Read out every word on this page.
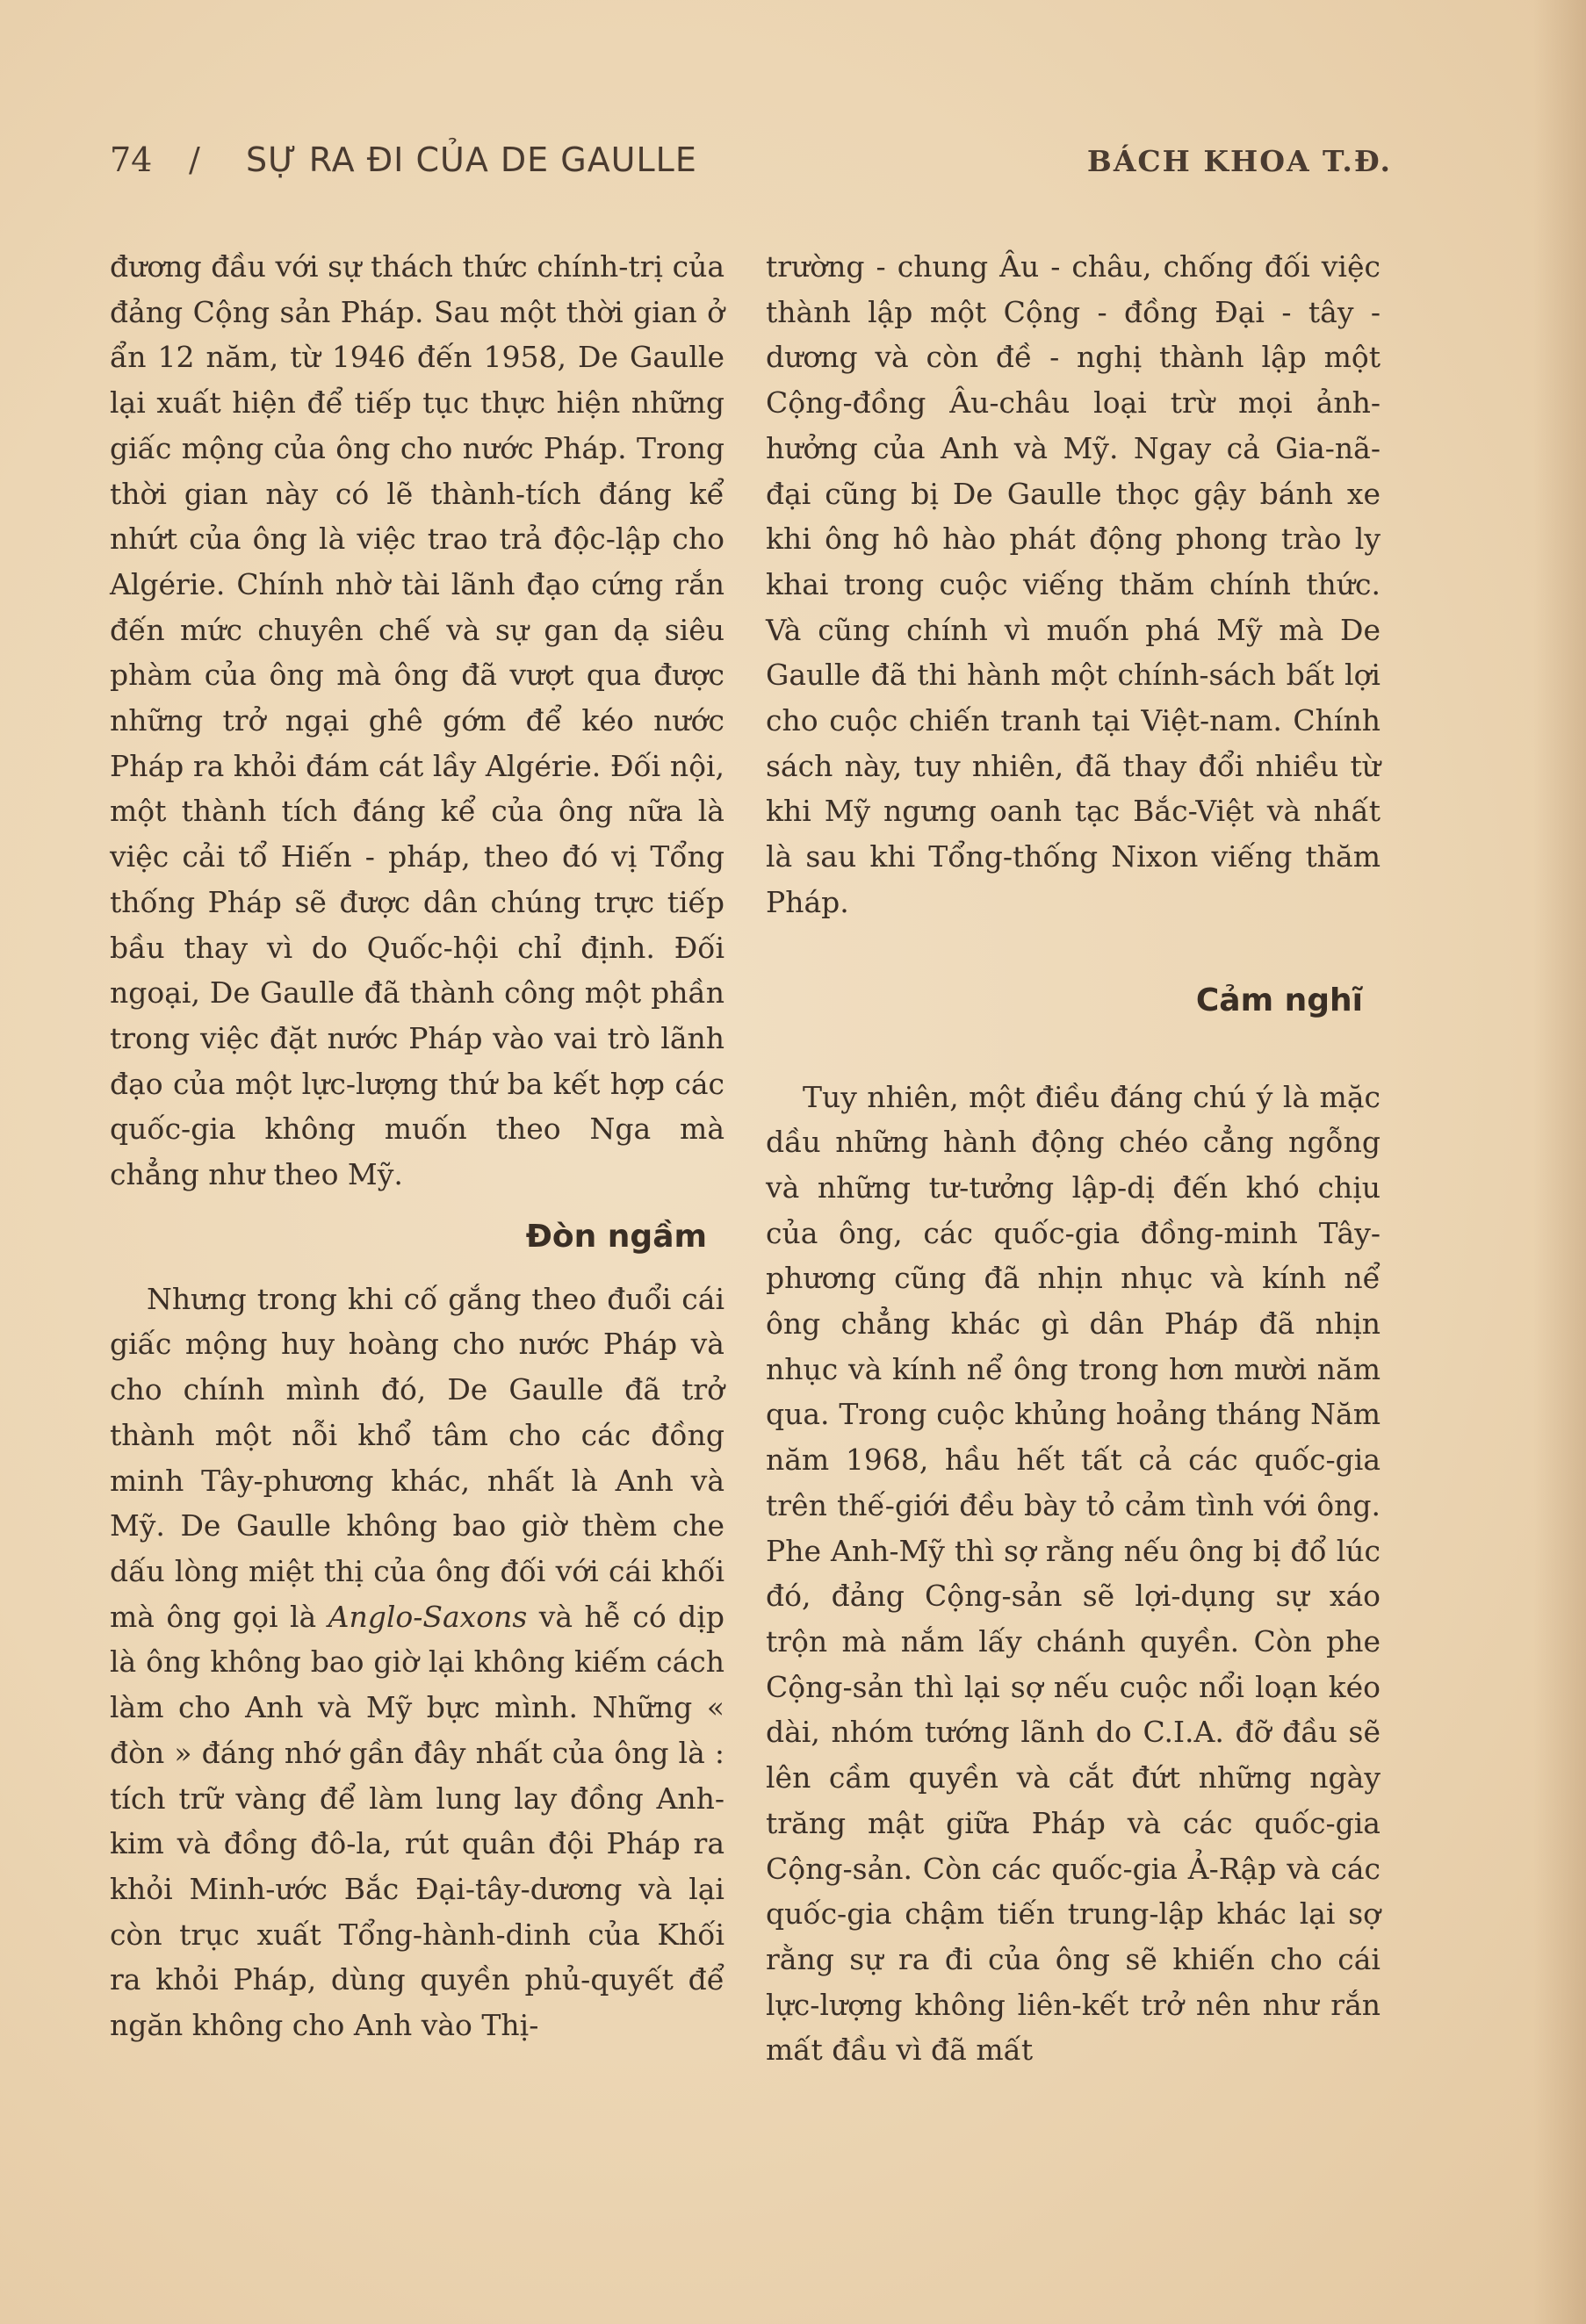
74 / SỰ RA ĐI CỦA DE GAULLE	BÁCH KHOA T.Đ.

đương đầu với sự thách thức chính-trị của đảng Cộng sản Pháp. Sau một thời gian ở ẩn 12 năm, từ 1946 đến 1958, De Gaulle lại xuất hiện để tiếp tục thực hiện những giấc mộng của ông cho nước Pháp. Trong thời gian này có lẽ thành-tích đáng kể nhứt của ông là việc trao trả độc-lập cho Algérie. Chính nhờ tài lãnh đạo cứng rắn đến mức chuyên chế và sự gan dạ siêu phàm của ông mà ông đã vượt qua được những trở ngại ghê gớm để kéo nước Pháp ra khỏi đám cát lầy Algérie. Đối nội, một thành tích đáng kể của ông nữa là việc cải tổ Hiến - pháp, theo đó vị Tổng thống Pháp sẽ được dân chúng trực tiếp bầu thay vì do Quốc-hội chỉ định. Đối ngoại, De Gaulle đã thành công một phần trong việc đặt nước Pháp vào vai trò lãnh đạo của một lực-lượng thứ ba kết hợp các quốc-gia không muốn theo Nga mà chẳng như theo Mỹ.

Đòn ngầm

Nhưng trong khi cố gắng theo đuổi cái giấc mộng huy hoàng cho nước Pháp và cho chính mình đó, De Gaulle đã trở thành một nỗi khổ tâm cho các đồng minh Tây-phương khác, nhất là Anh và Mỹ. De Gaulle không bao giờ thèm che dấu lòng miệt thị của ông đối với cái khối mà ông gọi là Anglo-Saxons và hễ có dịp là ông không bao giờ lại không kiếm cách làm cho Anh và Mỹ bực mình. Những « đòn » đáng nhớ gần đây nhất của ông là : tích trữ vàng để làm lung lay đồng Anh-kim và đồng đô-la, rút quân đội Pháp ra khỏi Minh-ước Bắc Đại-tây-dương và lại còn trục xuất Tổng-hành-dinh của Khối ra khỏi Pháp, dùng quyền phủ-quyết để ngăn không cho Anh vào Thị-

trường - chung Âu - châu, chống đối việc thành lập một Cộng - đồng Đại - tây - dương và còn đề - nghị thành lập một Cộng-đồng Âu-châu loại trừ mọi ảnh-hưởng của Anh và Mỹ. Ngay cả Gia-nã-đại cũng bị De Gaulle thọc gậy bánh xe khi ông hô hào phát động phong trào ly khai trong cuộc viếng thăm chính thức. Và cũng chính vì muốn phá Mỹ mà De Gaulle đã thi hành một chính-sách bất lợi cho cuộc chiến tranh tại Việt-nam. Chính sách này, tuy nhiên, đã thay đổi nhiều từ khi Mỹ ngưng oanh tạc Bắc-Việt và nhất là sau khi Tổng-thống Nixon viếng thăm Pháp.

Cảm nghĩ

Tuy nhiên, một điều đáng chú ý là mặc dầu những hành động chéo cẳng ngỗng và những tư-tưởng lập-dị đến khó chịu của ông, các quốc-gia đồng-minh Tây-phương cũng đã nhịn nhục và kính nể ông chẳng khác gì dân Pháp đã nhịn nhục và kính nể ông trong hơn mười năm qua. Trong cuộc khủng hoảng tháng Năm năm 1968, hầu hết tất cả các quốc-gia trên thế-giới đều bày tỏ cảm tình với ông. Phe Anh-Mỹ thì sợ rằng nếu ông bị đổ lúc đó, đảng Cộng-sản sẽ lợi-dụng sự xáo trộn mà nắm lấy chánh quyền. Còn phe Cộng-sản thì lại sợ nếu cuộc nổi loạn kéo dài, nhóm tướng lãnh do C.I.A. đỡ đầu sẽ lên cầm quyền và cắt đứt những ngày trăng mật giữa Pháp và các quốc-gia Cộng-sản. Còn các quốc-gia Ả-Rập và các quốc-gia chậm tiến trung-lập khác lại sợ rằng sự ra đi của ông sẽ khiến cho cái lực-lượng không liên-kết trở nên như rắn mất đầu vì đã mất
